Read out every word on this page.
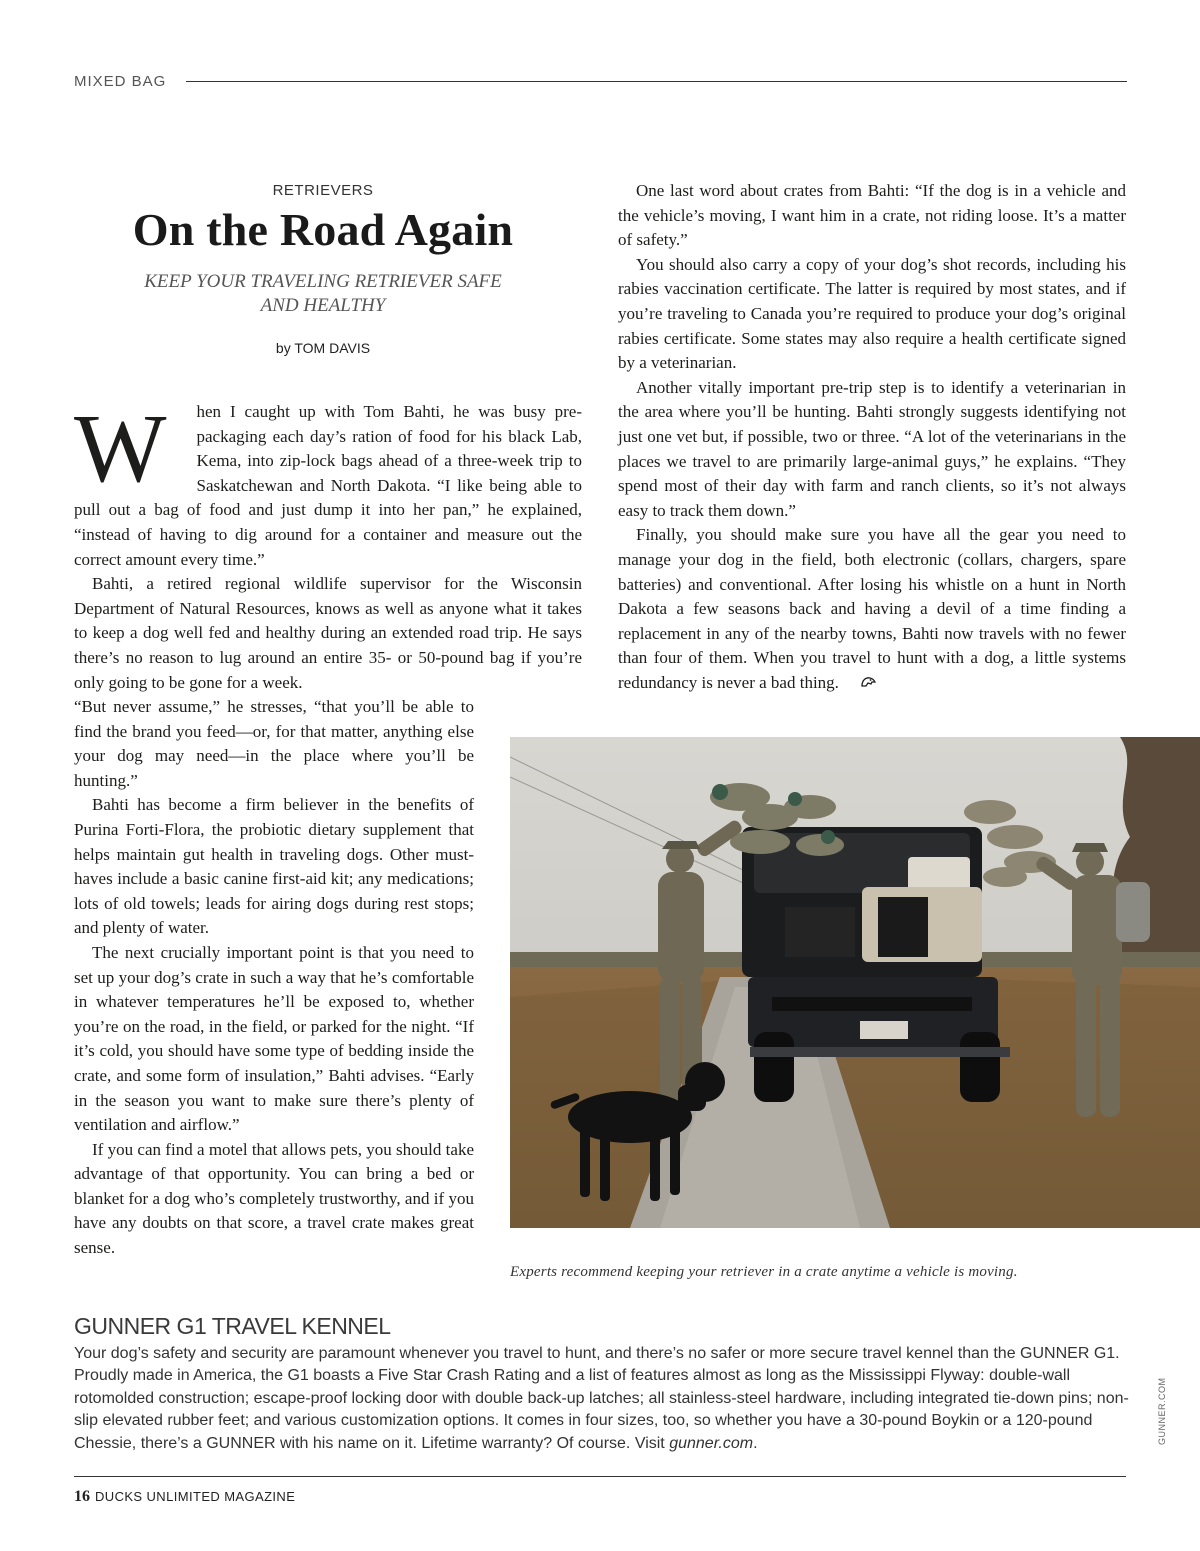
MIXED BAG
RETRIEVERS
On the Road Again
KEEP YOUR TRAVELING RETRIEVER SAFE AND HEALTHY
by TOM DAVIS

W hen I caught up with Tom Bahti, he was busy pre-packaging each day’s ration of food for his black Lab, Kema, into zip-lock bags ahead of a three-week trip to Saskatchewan and North Dakota. “I like being able to pull out a bag of food and just dump it into her pan,” he explained, “instead of having to dig around for a container and measure out the correct amount every time.”

Bahti, a retired regional wildlife supervisor for the Wisconsin Department of Natural Resources, knows as well as anyone what it takes to keep a dog well fed and healthy during an extended road trip. He says there’s no reason to lug around an entire 35- or 50-pound bag if you’re only going to be gone for a week.

“But never assume,” he stresses, “that you’ll be able to find the brand you feed—or, for that matter, anything else your dog may need—in the place where you’ll be hunting.”

Bahti has become a firm believer in the benefits of Purina Forti-Flora, the probiotic dietary supplement that helps maintain gut health in traveling dogs. Other must-haves include a basic canine first-aid kit; any medications; lots of old towels; leads for airing dogs during rest stops; and plenty of water.

The next crucially important point is that you need to set up your dog’s crate in such a way that he’s comfortable in whatever temperatures he’ll be exposed to, whether you’re on the road, in the field, or parked for the night. “If it’s cold, you should have some type of bedding inside the crate, and some form of insulation,” Bahti advises. “Early in the season you want to make sure there’s plenty of ventilation and airflow.”

If you can find a motel that allows pets, you should take advantage of that opportunity. You can bring a bed or blanket for a dog who’s completely trustworthy, and if you have any doubts on that score, a travel crate makes great sense.

One last word about crates from Bahti: “If the dog is in a vehicle and the vehicle’s moving, I want him in a crate, not riding loose. It’s a matter of safety.”

You should also carry a copy of your dog’s shot records, including his rabies vaccination certificate. The latter is required by most states, and if you’re traveling to Canada you’re required to produce your dog’s original rabies certificate. Some states may also require a health certificate signed by a veterinarian.

Another vitally important pre-trip step is to identify a veterinarian in the area where you’ll be hunting. Bahti strongly suggests identifying not just one vet but, if possible, two or three. “A lot of the veterinarians in the places we travel to are primarily large-animal guys,” he explains. “They spend most of their day with farm and ranch clients, so it’s not always easy to track them down.”

Finally, you should make sure you have all the gear you need to manage your dog in the field, both electronic (collars, chargers, spare batteries) and conventional. After losing his whistle on a hunt in North Dakota a few seasons back and having a devil of a time finding a replacement in any of the nearby towns, Bahti now travels with no fewer than four of them. When you travel to hunt with a dog, a little systems redundancy is never a bad thing.

Experts recommend keeping your retriever in a crate anytime a vehicle is moving.
GUNNER G1 TRAVEL KENNEL
Your dog’s safety and security are paramount whenever you travel to hunt, and there’s no safer or more secure travel kennel than the GUNNER G1. Proudly made in America, the G1 boasts a Five Star Crash Rating and a list of features almost as long as the Mississippi Flyway: double-wall rotomolded construction; escape-proof locking door with double back-up latches; all stainless-steel hardware, including integrated tie-down pins; non-slip elevated rubber feet; and various customization options. It comes in four sizes, too, so whether you have a 30-pound Boykin or a 120-pound Chessie, there’s a GUNNER with his name on it. Lifetime warranty? Of course. Visit gunner.com.	GUNNER.COM
16 DUCKS UNLIMITED MAGAZINE
